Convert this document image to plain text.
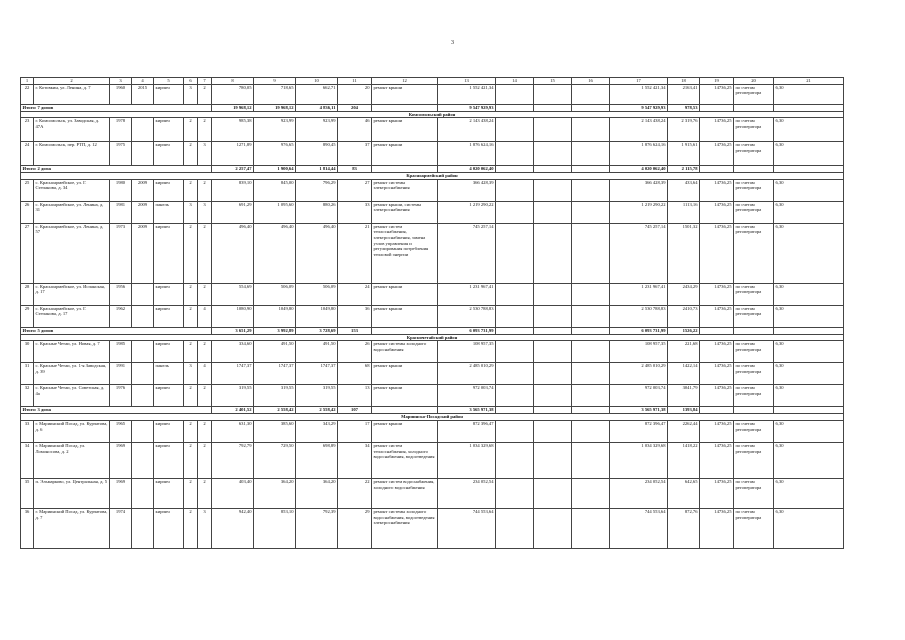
3
1	2	3	4	5	6	7	8	9	10	11	12	13	14	15	16	17	18	19	20	21
22	г. Котовкин, ул. Ленина, д. 7	1960	2015	кирпич	3	2	780,05	718,65	662,71	20	ремонт крыши	1 552 421,34				1 552 421,34	2163,41	14736,25	по счетам регоператора	6,30
Итого: 7 домов							19 968,12	19 968,12	4 836,11	204		9 547 929,93				9 547 929,93	978,53			
Комсомольский район																				
23	г. Комсомольск, ул. Заводская, д. 47А	1978		кирпич	2	2	985,38	923,99	923,99	46	ремонт крыши	2 143 438,24				2 143 438,24	2 319,76	14736,25	по счетам регоператора	6,30
24	г. Комсомольск, пер. РТП, д. 12	1975		кирпич	2	3	1271,89	976,65	890,45	37	ремонт крыши	1 876 624,16				1 876 624,16	1 915,61	14736,25	по счетам регоператора	6,30
Итого: 2 дома							2 257,47	1 900,64	1 814,44	83		4 020 062,40				4 020 062,40	2 115,78			
Красноармейский район																				
25	с. Красноармейское, ул. Г. Степанова, д. 34	1980	2009	кирпич	2	2	839,10	845,00	796,29	27	ремонт системы электроснабжения	366 428,39				366 428,39	433,64	14736,25	по счетам регоператора	6,30
26	с. Красноармейское, ул. Ленина, д. 31	1981	2009	панель	3	3	691,29	1 095,60	880,26	33	ремонт крыши, системы электроснабжения	1 219 290,22				1 219 290,22	1113,16	14736,25	по счетам регоператора	6,30
27	с. Красноармейское, ул. Ленина, д. 57	1973	2009	кирпич	2	2	496,40	496,40	496,40	21	ремонт систем теплоснабжения, электроснабжения, замена узлов управления и регулирования потребления тепловой энергии	745 257,14				745 257,14	1501,32	14736,25	по счетам регоператора	6,30
28	с. Красноармейское, ул. Испанская, д. 17	1956		кирпич	2	2	554,69	506,09	506,09	24	ремонт крыши	1 231 967,41				1 231 967,41	2434,29	14736,25	по счетам регоператора	6,30
29	с. Красноармейское, ул. Г. Степанова, д. 17	1962		кирпич	2	4	1080,90	1049,80	1049,80	36	ремонт крыши	2 530 788,83				2 530 788,83	2410,73	14736,25	по счетам регоператора	6,30
Итого: 5 домов							3 651,29	3 992,89	3 728,69	153		6 093 731,99				6 093 731,99	1526,22			
Красночетайский район																				
30	с. Красные Четаи, ул. Новая, д. 7	1985		кирпич	2	2	334,60	491,50	491,50	26	ремонт системы холодного водоснабжения	108 957,35				108 957,35	221,68	14736,25	по счетам регоператора	6,30
31	с. Красные Четаи, ул. 1-я Заводская, д. 39	1991		панель	3	4	1747,37	1747,37	1747,37	68	ремонт крыши	2 485 010,29				2 485 010,29	1422,14	14736,25	по счетам регоператора	6,30
32	с. Красные Четаи, ул. Советская, д. 4а	1976		кирпич	2	2	319,55	319,55	319,55	13	ремонт крыши	972 003,74				972 003,74	3041,79	14736,25	по счетам регоператора	6,30
Итого: 3 дома							2 401,52	2 558,42	2 558,42	107		3 565 971,38				3 565 971,38	1393,84			
Мариинско-Посадский район																				
33	г. Мариинский Посад, ул. Курчатова, д. 6	1965		кирпич	2	2	631,30	385,60	343,29	17	ремонт крыши	872 396,47				872 396,47	2262,44	14736,25	по счетам регоператора	6,30
34	г. Мариинский Посад, ул. Ломоносова, д. 2	1969		кирпич	2	2	792,79	729,50	698,89	34	ремонт систем теплоснабжения, холодного водоснабжения, водоотведения	1 034 329,68				1 034 329,68	1418,22	14736,25	по счетам регоператора	6,30
35	п. Эльмарково, ул. Центральная, д. 5	1969		кирпич	2	2	403,40	364,20	364,20	22	ремонт систем водоснабжения, холодного водоснабжения	234 052,54				234 052,54	642,65	14736,25	по счетам регоператора	6,30
36	г. Мариинский Посад, ул. Курчатова, д. 7	1974		кирпич	2	3	942,40	853,10	792,39	29	ремонт системы холодного водоснабжения, водоотведения электроснабжения	744 553,64				744 553,64	872,76	14736,25	по счетам регоператора	6,30
